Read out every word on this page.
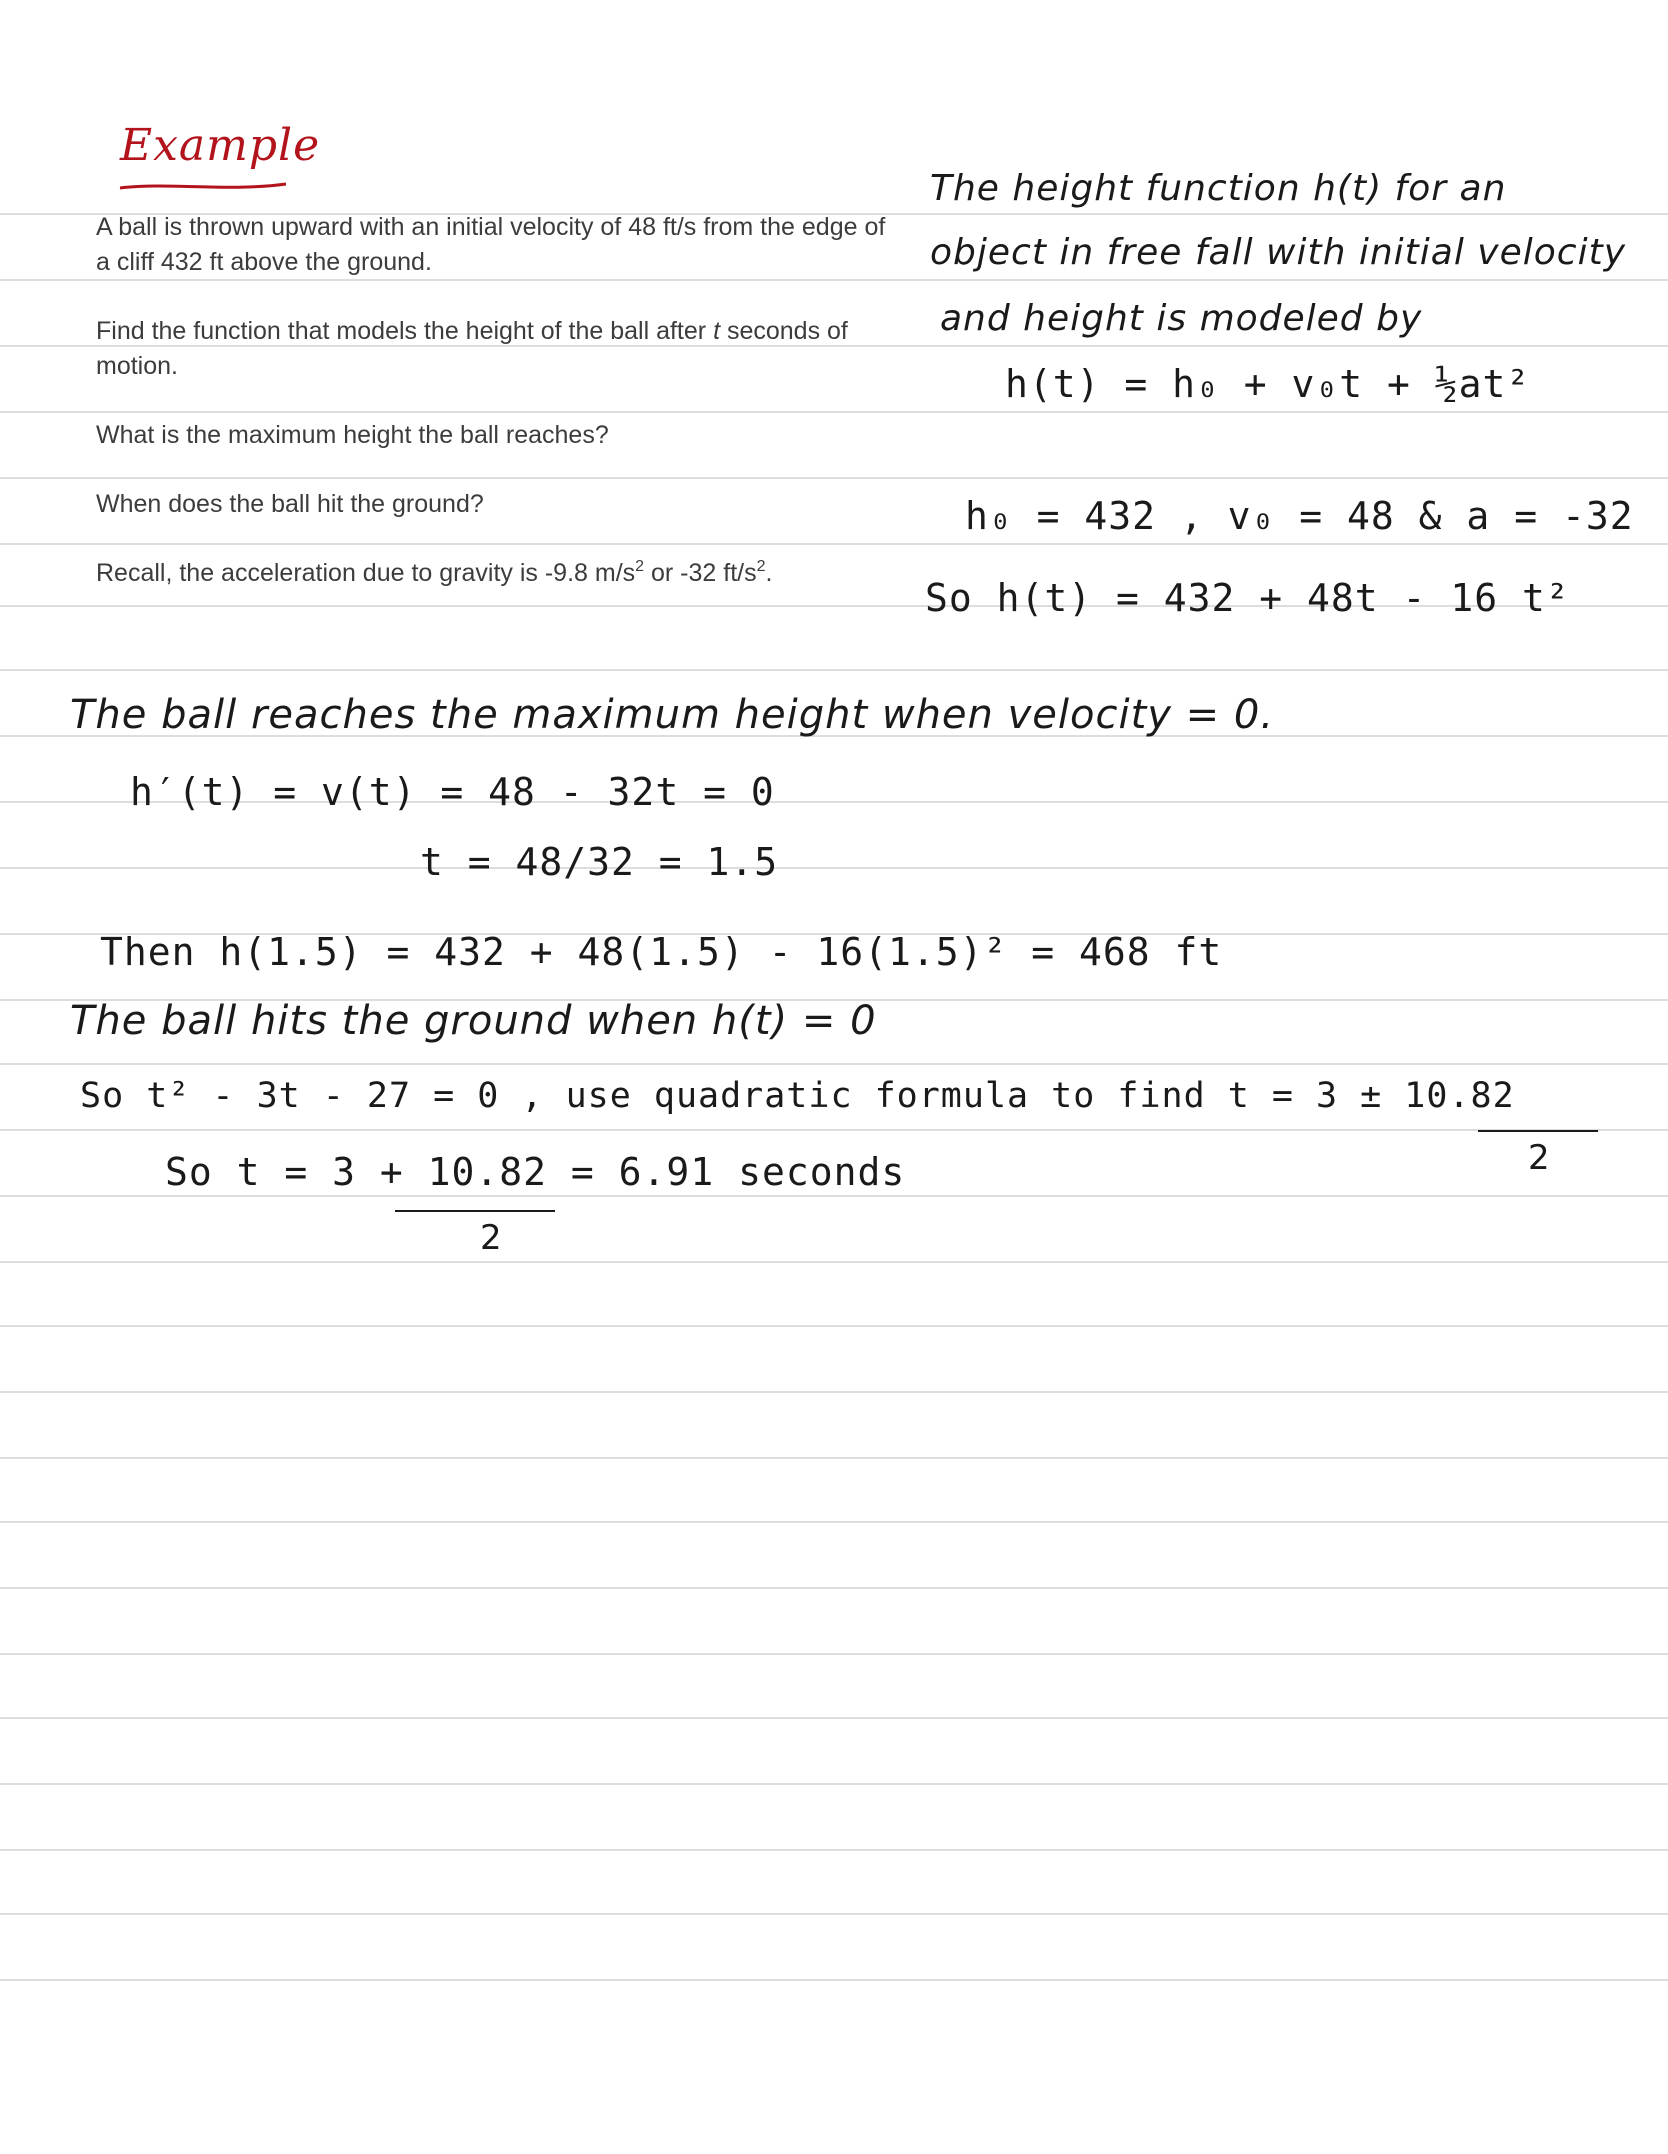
Example

A ball is thrown upward with an initial velocity of 48 ft/s from the edge of a cliff 432 ft above the ground.

Find the function that models the height of the ball after t seconds of motion.

What is the maximum height the ball reaches?

When does the ball hit the ground?

Recall, the acceleration due to gravity is -9.8 $m/s^2$ or -32 $ft/s^2$.

The height function h(t) for an
object in free fall with initial velocity
and height is modeled by
h(t) = h₀ + v₀t + ½at²
h₀ = 432 , v₀ = 48 & a = -32
So h(t) = 432 + 48t - 16 t²
The ball reaches the maximum height when velocity = 0.
h′(t) = v(t) = 48 - 32t = 0
t = 48/32 = 1.5
Then h(1.5) = 432 + 48(1.5) - 16(1.5)² = 468 ft
The ball hits the ground when h(t) = 0
So t² - 3t - 27 = 0 , use quadratic formula to find t = 3 ± 10.82
2
So t = 3 + 10.82 = 6.91 seconds
2
